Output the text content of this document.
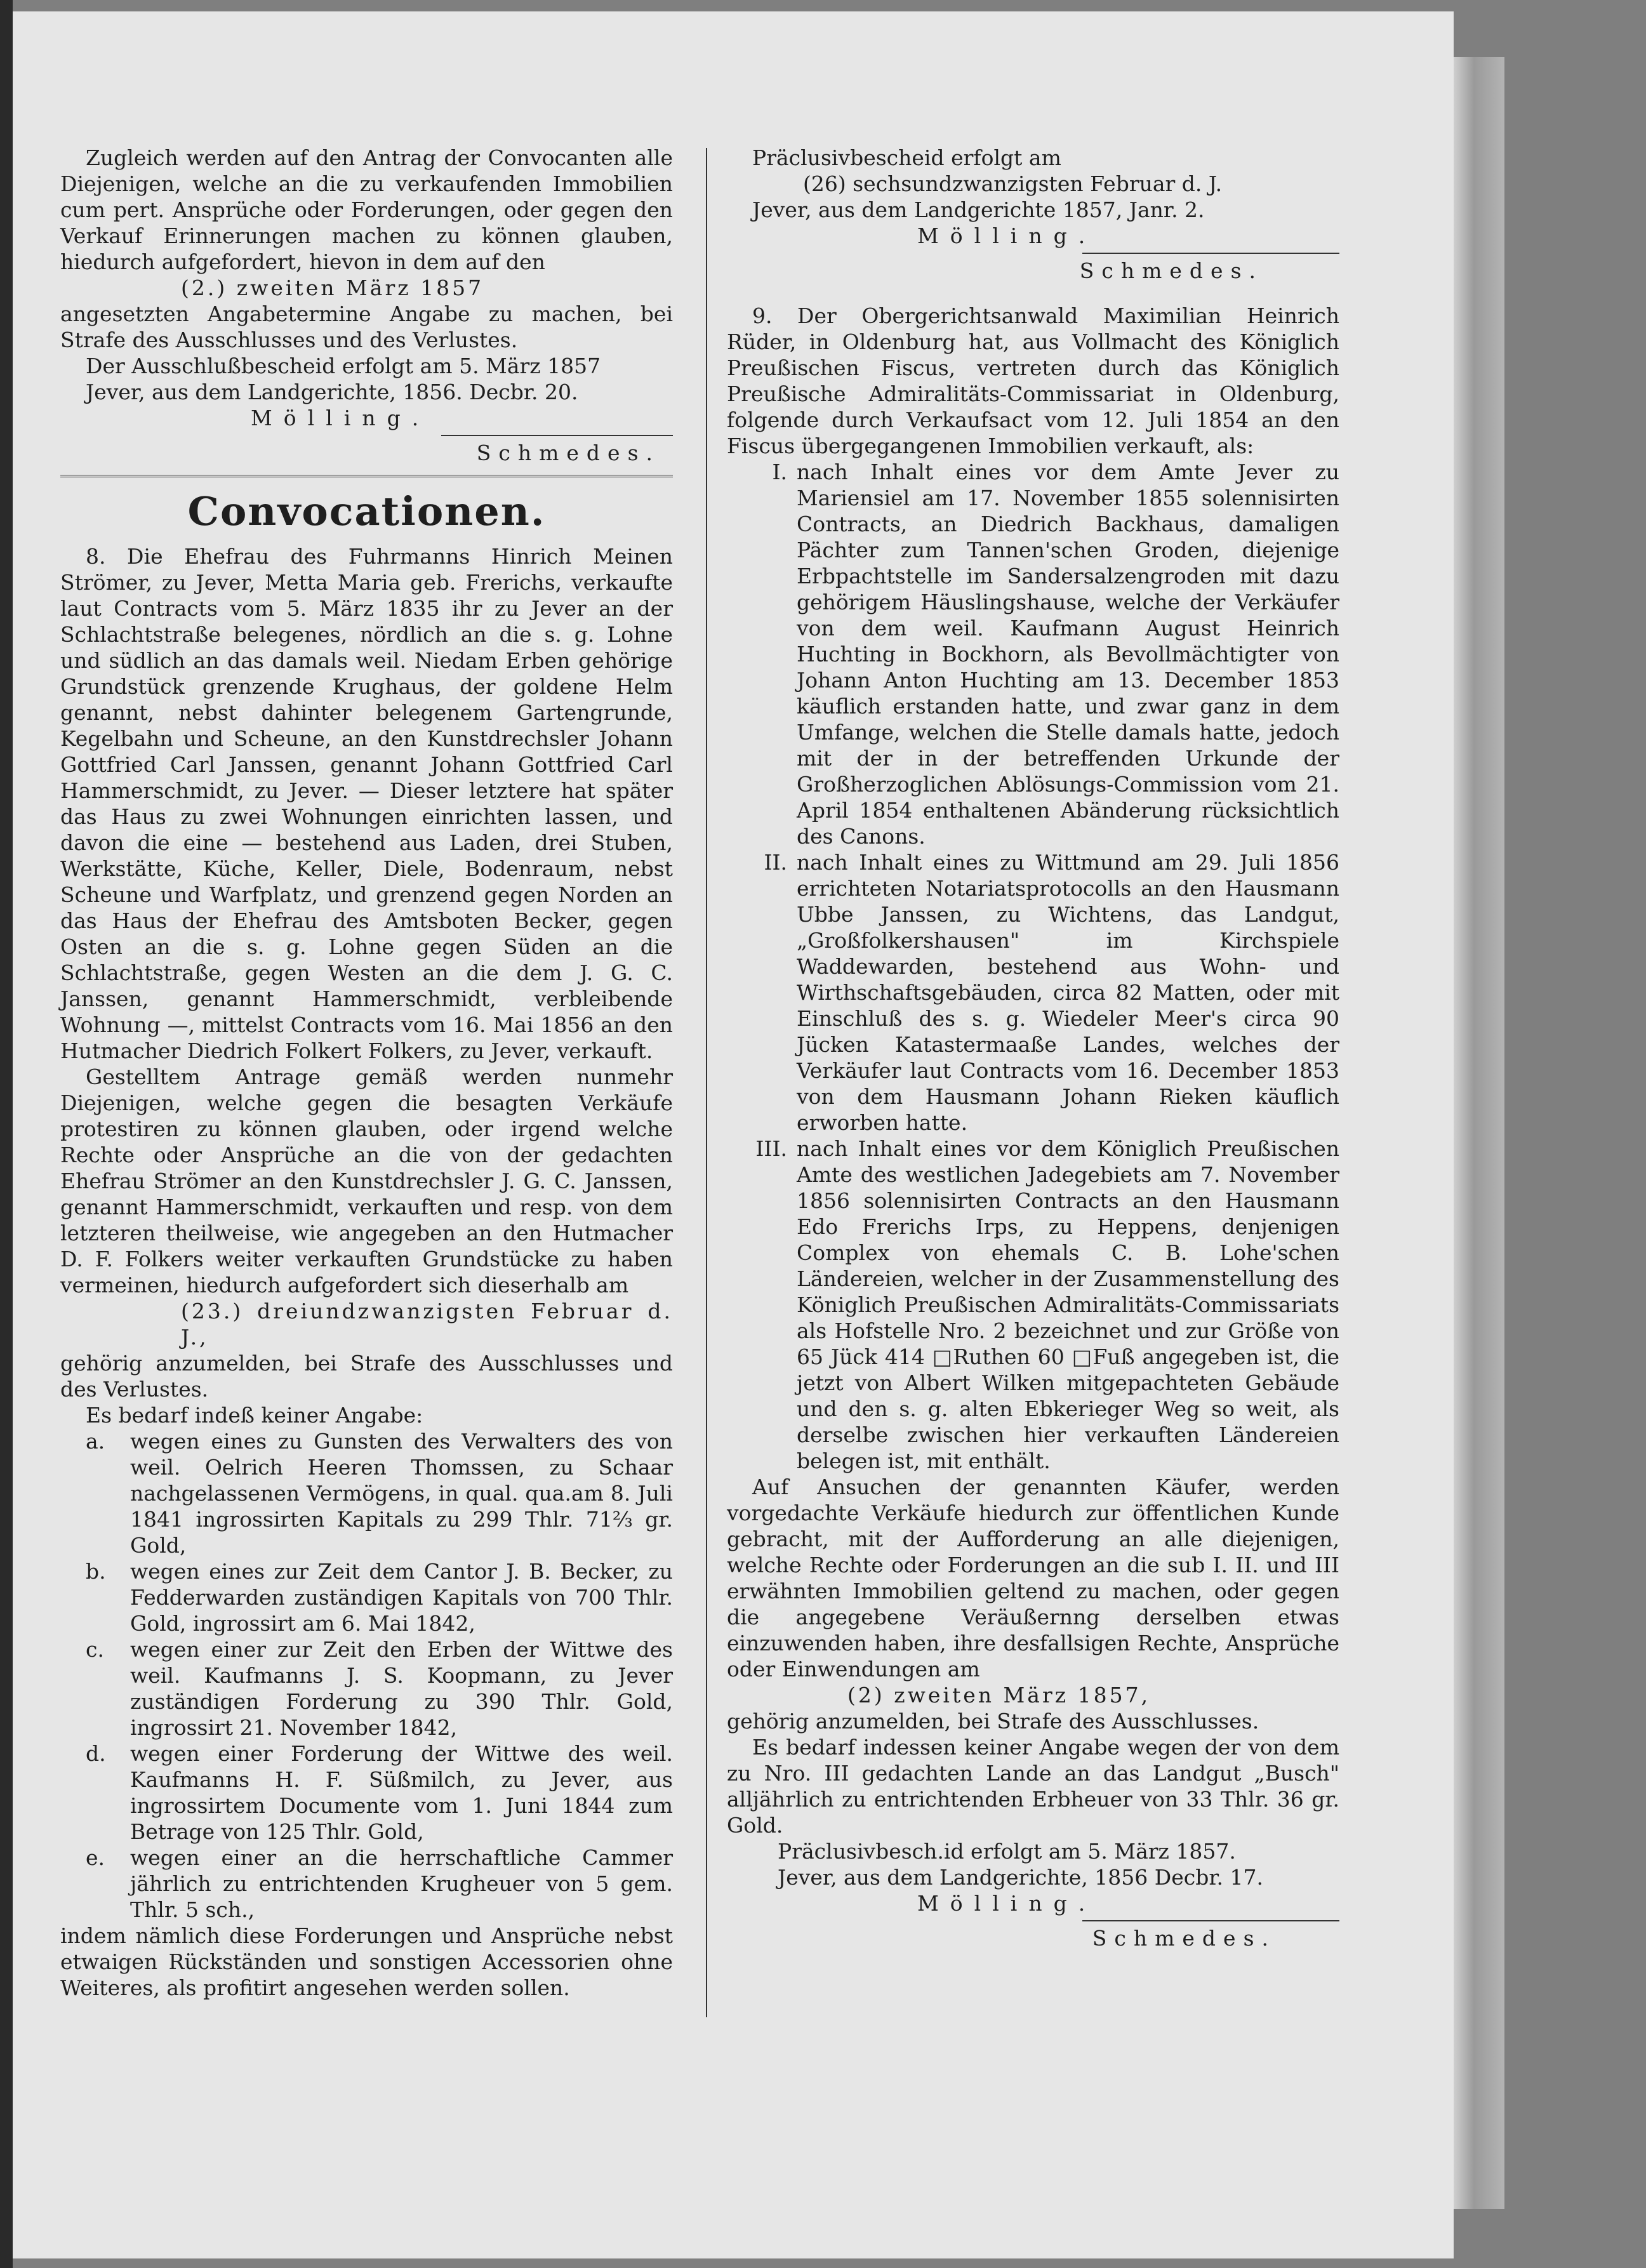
Zugleich werden auf den Antrag der Convocanten alle Diejenigen, welche an die zu verkaufenden Immobilien cum pert. Ansprüche oder Forderungen, oder gegen den Verkauf Erinnerungen machen zu können glauben, hiedurch aufgefordert, hievon in dem auf den

(2.) zweiten März 1857

angesetzten Angabetermine Angabe zu machen, bei Strafe des Ausschlusses und des Verlustes.

Der Ausschlußbescheid erfolgt am 5. März 1857

Jever, aus dem Landgerichte, 1856. Decbr. 20.

Mölling.

Schmedes.

Convocationen.

8. Die Ehefrau des Fuhrmanns Hinrich Meinen Strömer, zu Jever, Metta Maria geb. Frerichs, verkaufte laut Contracts vom 5. März 1835 ihr zu Jever an der Schlachtstraße belegenes, nördlich an die s. g. Lohne und südlich an das damals weil. Niedam Erben gehörige Grundstück grenzende Krughaus, der goldene Helm genannt, nebst dahinter belegenem Gartengrunde, Kegelbahn und Scheune, an den Kunstdrechsler Johann Gottfried Carl Janssen, genannt Johann Gottfried Carl Hammerschmidt, zu Jever. — Dieser letztere hat später das Haus zu zwei Wohnungen einrichten lassen, und davon die eine — bestehend aus Laden, drei Stuben, Werkstätte, Küche, Keller, Diele, Bodenraum, nebst Scheune und Warfplatz, und grenzend gegen Norden an das Haus der Ehefrau des Amtsboten Becker, gegen Osten an die s. g. Lohne gegen Süden an die Schlachtstraße, gegen Westen an die dem J. G. C. Janssen, genannt Hammerschmidt, verbleibende Wohnung —, mittelst Contracts vom 16. Mai 1856 an den Hutmacher Diedrich Folkert Folkers, zu Jever, verkauft.

Gestelltem Antrage gemäß werden nunmehr Diejenigen, welche gegen die besagten Verkäufe protestiren zu können glauben, oder irgend welche Rechte oder Ansprüche an die von der gedachten Ehefrau Strömer an den Kunstdrechsler J. G. C. Janssen, genannt Hammerschmidt, verkauften und resp. von dem letzteren theilweise, wie angegeben an den Hutmacher D. F. Folkers weiter verkauften Grundstücke zu haben vermeinen, hiedurch aufgefordert sich dieserhalb am

(23.) dreiundzwanzigsten Februar d. J.,

gehörig anzumelden, bei Strafe des Ausschlusses und des Verlustes.

Es bedarf indeß keiner Angabe:

a. wegen eines zu Gunsten des Verwalters des von weil. Oelrich Heeren Thomssen, zu Schaar nachgelassenen Vermögens, in qual. qua.am 8. Juli 1841 ingrossirten Kapitals zu 299 Thlr. 71⅔ gr. Gold,
b. wegen eines zur Zeit dem Cantor J. B. Becker, zu Fedderwarden zuständigen Kapitals von 700 Thlr. Gold, ingrossirt am 6. Mai 1842,
c. wegen einer zur Zeit den Erben der Wittwe des weil. Kaufmanns J. S. Koopmann, zu Jever zuständigen Forderung zu 390 Thlr. Gold, ingrossirt 21. November 1842,
d. wegen einer Forderung der Wittwe des weil. Kaufmanns H. F. Süßmilch, zu Jever, aus ingrossirtem Documente vom 1. Juni 1844 zum Betrage von 125 Thlr. Gold,
e. wegen einer an die herrschaftliche Cammer jährlich zu entrichtenden Krugheuer von 5 gem. Thlr. 5 sch.,

indem nämlich diese Forderungen und Ansprüche nebst etwaigen Rückständen und sonstigen Accessorien ohne Weiteres, als profitirt angesehen werden sollen.

Präclusivbescheid erfolgt am

(26) sechsundzwanzigsten Februar d. J.

Jever, aus dem Landgerichte 1857, Janr. 2.

Mölling.

Schmedes.

9. Der Obergerichtsanwald Maximilian Heinrich Rüder, in Oldenburg hat, aus Vollmacht des Königlich Preußischen Fiscus, vertreten durch das Königlich Preußische Admiralitäts-Commissariat in Oldenburg, folgende durch Verkaufsact vom 12. Juli 1854 an den Fiscus übergegangenen Immobilien verkauft, als:

I. nach Inhalt eines vor dem Amte Jever zu Mariensiel am 17. November 1855 solennisirten Contracts, an Diedrich Backhaus, damaligen Pächter zum Tannen'schen Groden, diejenige Erbpachtstelle im Sandersalzengroden mit dazu gehörigem Häuslingshause, welche der Verkäufer von dem weil. Kaufmann August Heinrich Huchting in Bockhorn, als Bevollmächtigter von Johann Anton Huchting am 13. December 1853 käuflich erstanden hatte, und zwar ganz in dem Umfange, welchen die Stelle damals hatte, jedoch mit der in der betreffenden Urkunde der Großherzoglichen Ablösungs-Commission vom 21. April 1854 enthaltenen Abänderung rücksichtlich des Canons.
II. nach Inhalt eines zu Wittmund am 29. Juli 1856 errichteten Notariatsprotocolls an den Hausmann Ubbe Janssen, zu Wichtens, das Landgut, „Großfolkershausen" im Kirchspiele Waddewarden, bestehend aus Wohn- und Wirthschaftsgebäuden, circa 82 Matten, oder mit Einschluß des s. g. Wiedeler Meer's circa 90 Jücken Katastermaaße Landes, welches der Verkäufer laut Contracts vom 16. December 1853 von dem Hausmann Johann Rieken käuflich erworben hatte.
III. nach Inhalt eines vor dem Königlich Preußischen Amte des westlichen Jadegebiets am 7. November 1856 solennisirten Contracts an den Hausmann Edo Frerichs Irps, zu Heppens, denjenigen Complex von ehemals C. B. Lohe'schen Ländereien, welcher in der Zusammenstellung des Königlich Preußischen Admiralitäts-Commissariats als Hofstelle Nro. 2 bezeichnet und zur Größe von 65 Jück 414 □Ruthen 60 □Fuß angegeben ist, die jetzt von Albert Wilken mitgepachteten Gebäude und den s. g. alten Ebkerieger Weg so weit, als derselbe zwischen hier verkauften Ländereien belegen ist, mit enthält.

Auf Ansuchen der genannten Käufer, werden vorgedachte Verkäufe hiedurch zur öffentlichen Kunde gebracht, mit der Aufforderung an alle diejenigen, welche Rechte oder Forderungen an die sub I. II. und III erwähnten Immobilien geltend zu machen, oder gegen die angegebene Veräußernng derselben etwas einzuwenden haben, ihre desfallsigen Rechte, Ansprüche oder Einwendungen am

(2) zweiten März 1857,

gehörig anzumelden, bei Strafe des Ausschlusses.

Es bedarf indessen keiner Angabe wegen der von dem zu Nro. III gedachten Lande an das Landgut „Busch" alljährlich zu entrichtenden Erbheuer von 33 Thlr. 36 gr. Gold.

Präclusivbesch.id erfolgt am 5. März 1857.

Jever, aus dem Landgerichte, 1856 Decbr. 17.

Mölling.

Schmedes.
